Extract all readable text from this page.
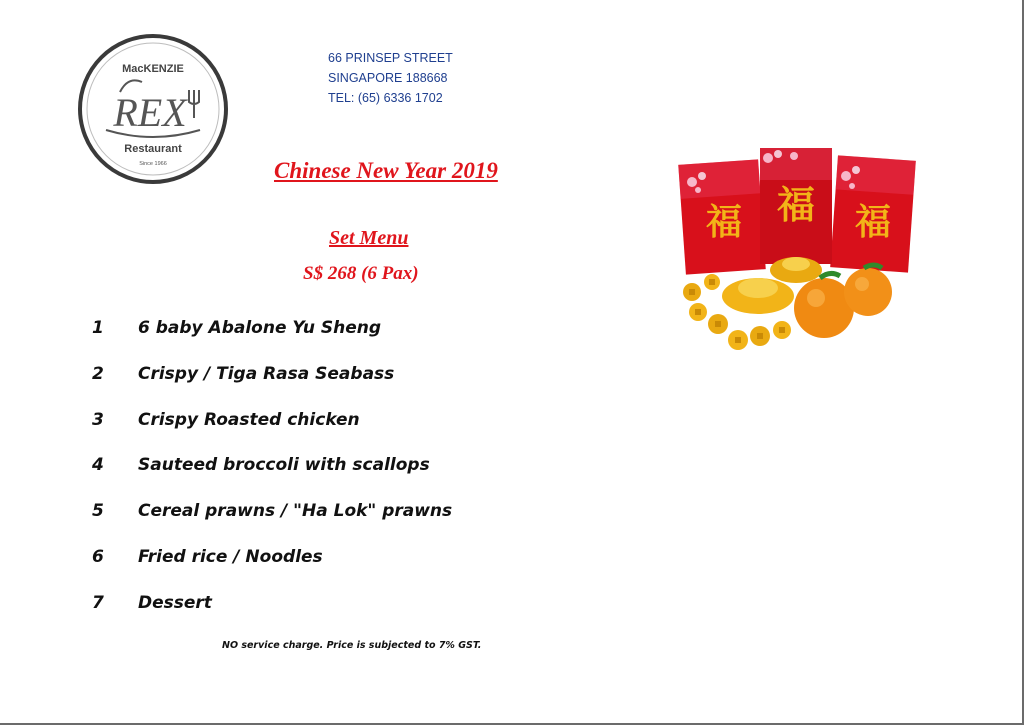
MacKENZIE
REX
Restaurant
Since 1966
66 PRINSEP STREET
SINGAPORE 188668
TEL: (65) 6336 1702
Chinese New Year 2019
Set Menu
S$ 268 (6 Pax)
福	福
福
1	6 baby Abalone Yu Sheng
2	Crispy / Tiga Rasa Seabass
3	Crispy Roasted chicken
4	Sauteed broccoli with scallops
5	Cereal prawns / "Ha Lok" prawns
6	Fried rice / Noodles
7	Dessert
NO service charge. Price is subjected to 7% GST.
